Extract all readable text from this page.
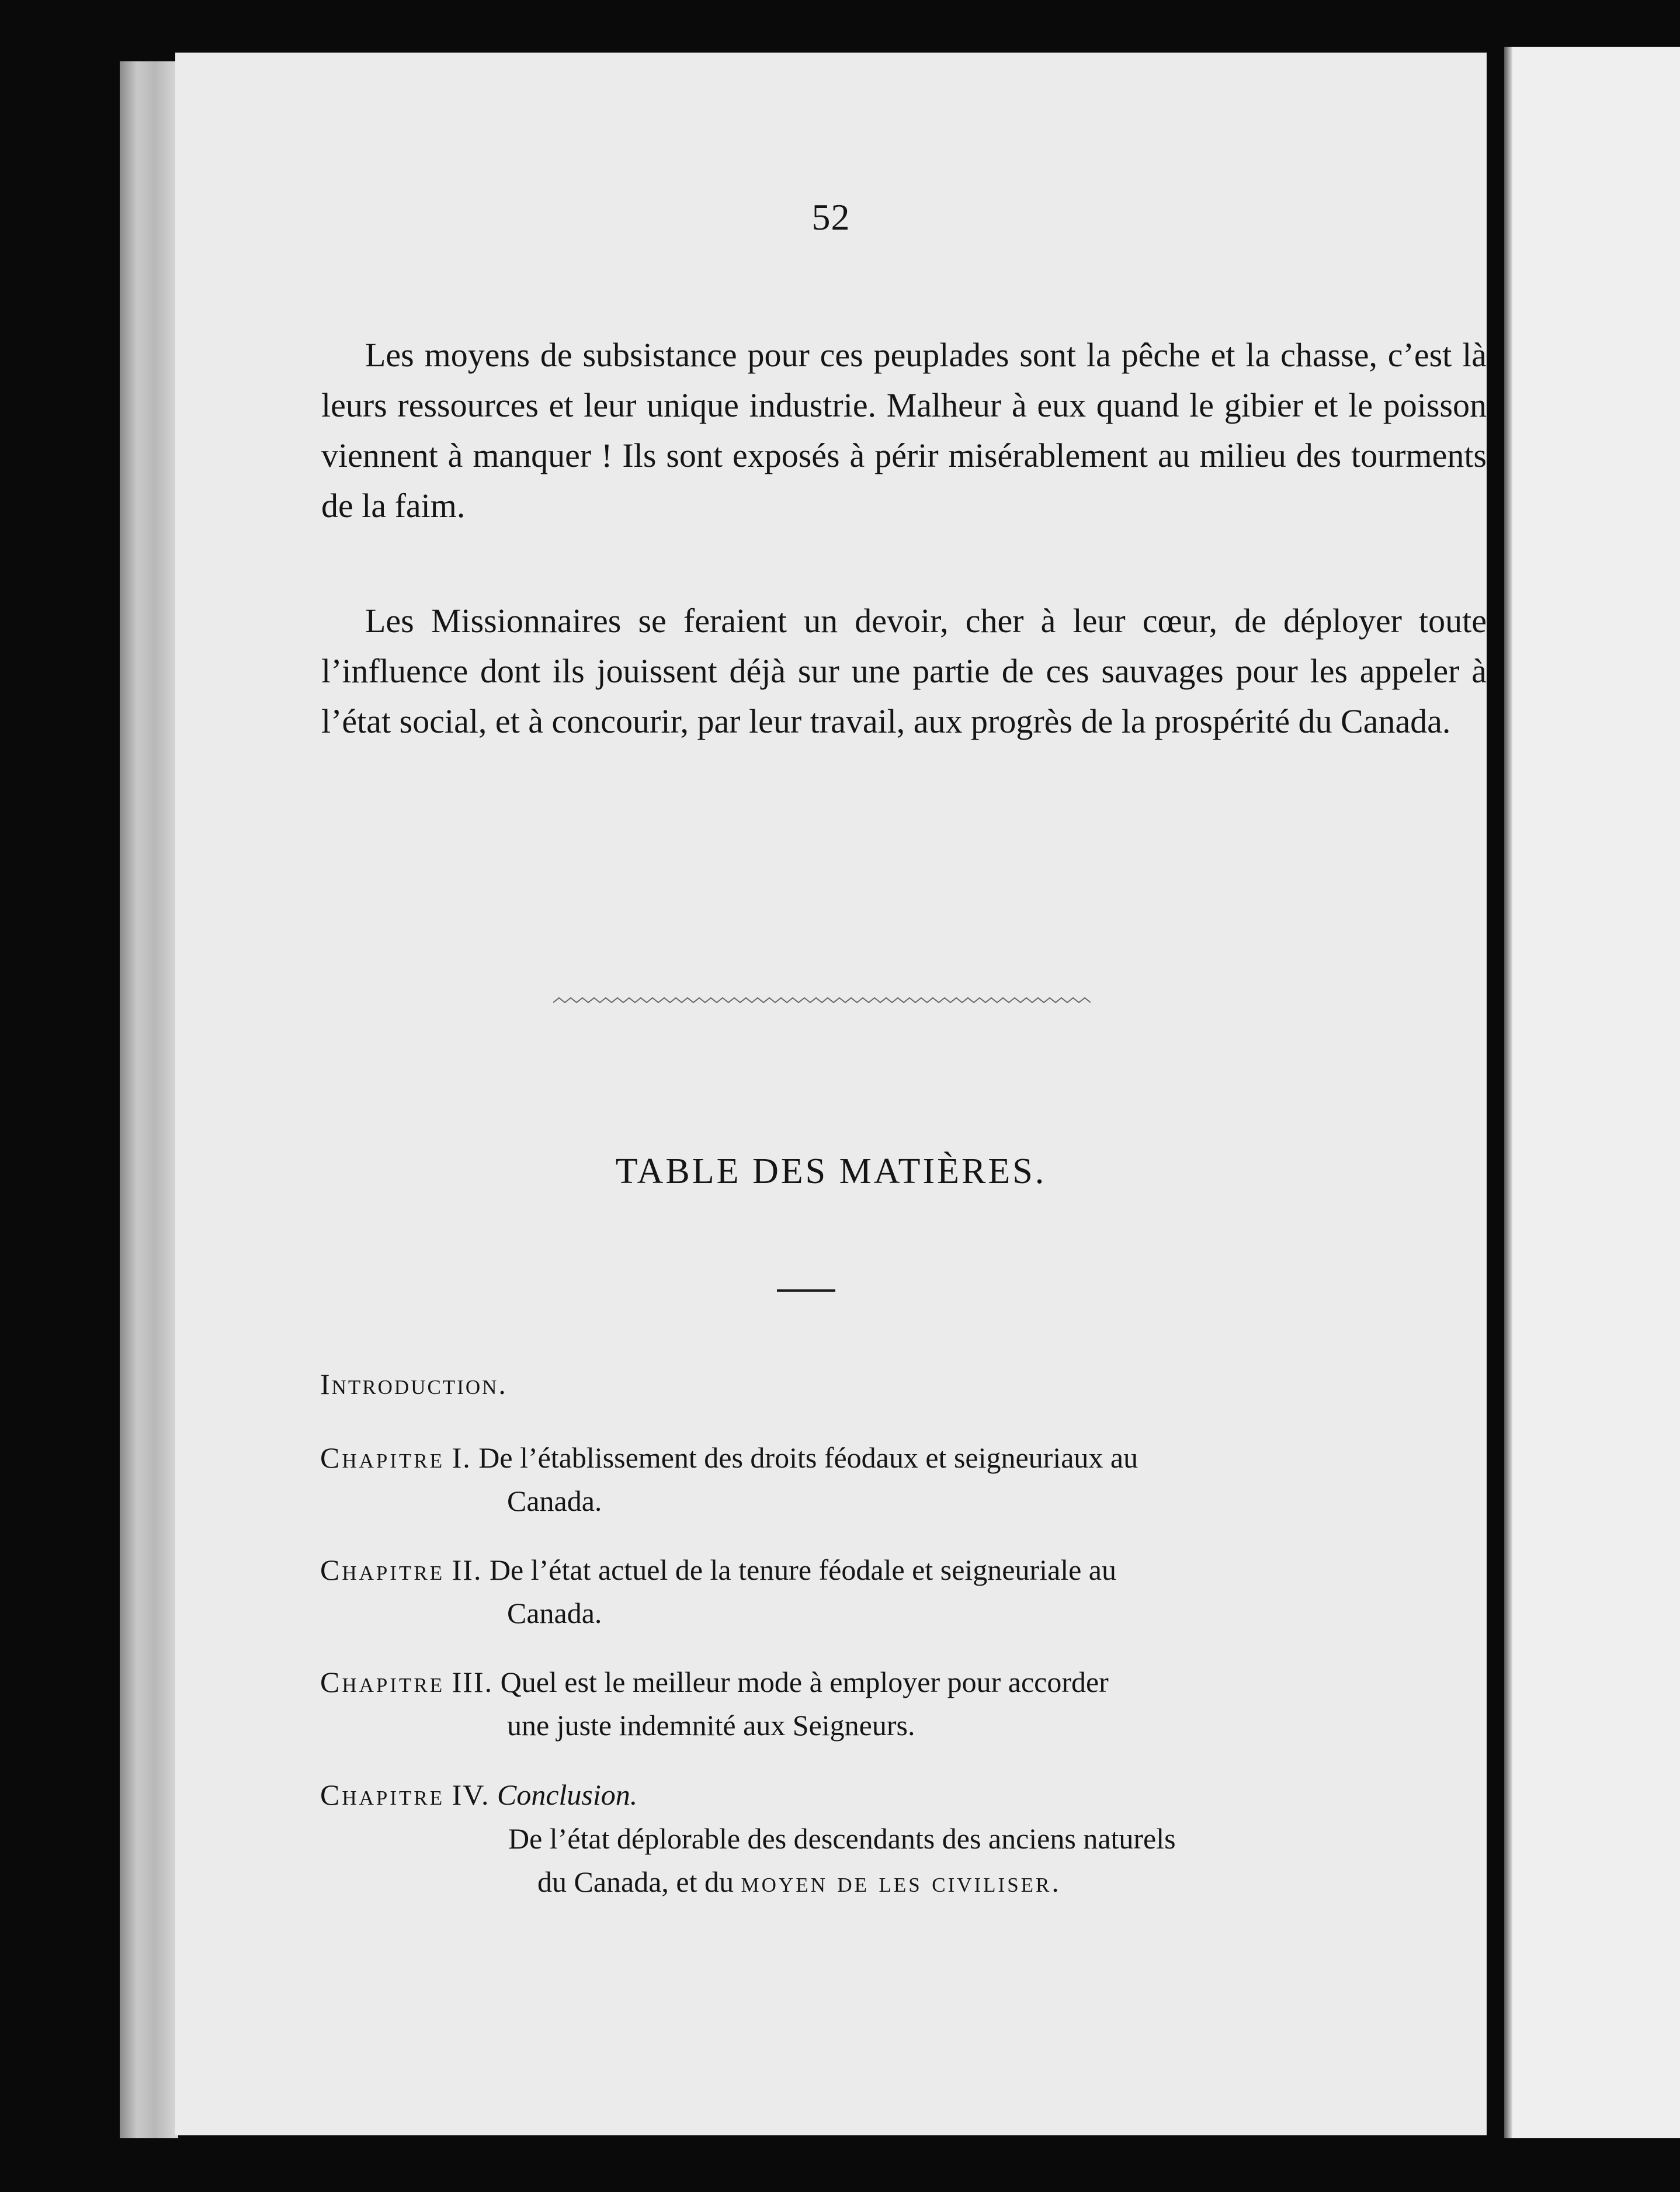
52

Les moyens de subsistance pour ces peuplades sont la pêche et la chasse, c’est là leurs ressources et leur unique industrie. Malheur à eux quand le gibier et le poisson viennent à manquer ! Ils sont exposés à périr misérablement au milieu des tourments de la faim.

Les Missionnaires se feraient un devoir, cher à leur cœur, de déployer toute l’influence dont ils jouissent déjà sur une partie de ces sauvages pour les appeler à l’état social, et à concourir, par leur travail, aux progrès de la prospérité du Canada.

TABLE DES MATIÈRES.
Introduction.
Chapitre I. De l’établissement des droits féodaux et seigneuriaux au
Canada.
Chapitre II. De l’état actuel de la tenure féodale et seigneuriale au
Canada.
Chapitre III. Quel est le meilleur mode à employer pour accorder
une juste indemnité aux Seigneurs.
Chapitre IV. Conclusion.
De l’état déplorable des descendants des anciens naturels
du Canada, et du moyen de les civiliser.
